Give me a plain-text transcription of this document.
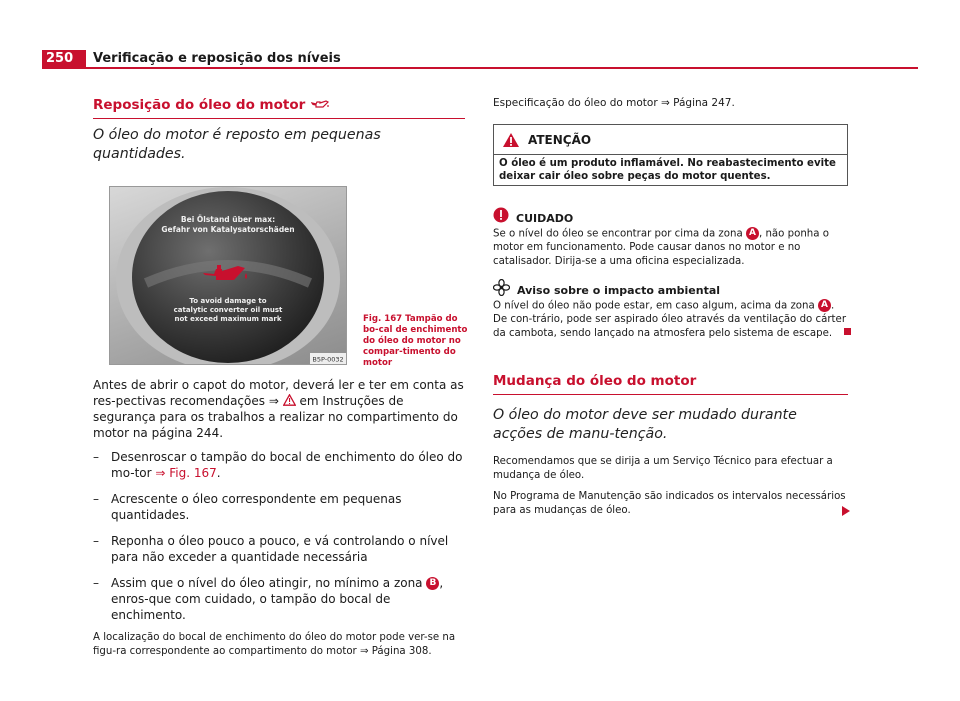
250	Verificação e reposição dos níveis
Reposição do óleo do motor
O óleo do motor é reposto em pequenas quantidades.
Bei Ölstand über max:
Gefahr von Katalysatorschäden
To avoid damage to
catalytic converter oil must
not exceed maximum mark
B5P-0032
Fig. 167 Tampão do bo-cal de enchimento do óleo do motor no compar-timento do motor
Antes de abrir o capot do motor, deverá ler e ter em conta as res-pectivas recomendações ⇒ em Instruções de segurança para os trabalhos a realizar no compartimento do motor na página 244.
– Desenroscar o tampão do bocal de enchimento do óleo do mo-tor ⇒ Fig. 167.
– Acrescente o óleo correspondente em pequenas quantidades.
– Reponha o óleo pouco a pouco, e vá controlando o nível para não exceder a quantidade necessária
– Assim que o nível do óleo atingir, no mínimo a zona B , enros-que com cuidado, o tampão do bocal de enchimento.
A localização do bocal de enchimento do óleo do motor pode ver-se na figu-ra correspondente ao compartimento do motor ⇒ Página 308.
Especificação do óleo do motor ⇒ Página 247.
ATENÇÃO
O óleo é um produto inflamável. No reabastecimento evite deixar cair óleo sobre peças do motor quentes.
CUIDADO
Se o nível do óleo se encontrar por cima da zona A , não ponha o motor em funcionamento. Pode causar danos no motor e no catalisador. Dirija-se a uma oficina especializada.
Aviso sobre o impacto ambiental
O nível do óleo não pode estar, em caso algum, acima da zona A . De con-trário, pode ser aspirado óleo através da ventilação do cárter da cambota, sendo lançado na atmosfera pelo sistema de escape.
Mudança do óleo do motor
O óleo do motor deve ser mudado durante acções de manu-tenção.
Recomendamos que se dirija a um Serviço Técnico para efectuar a mudança de óleo.
No Programa de Manutenção são indicados os intervalos necessários para as mudanças de óleo.
